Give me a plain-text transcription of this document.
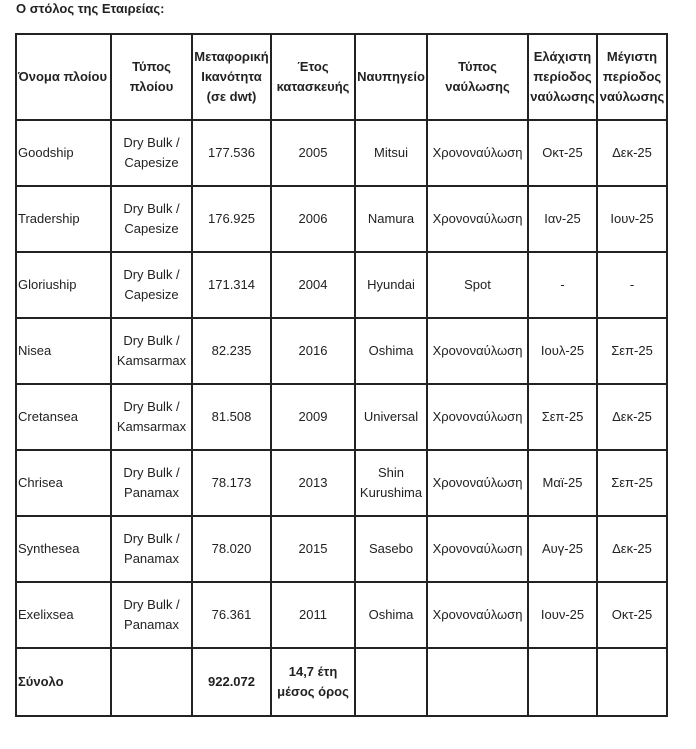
Ο στόλος της Εταιρείας:
Όνομα πλοίου	Τύπος πλοίου	Μεταφορική Ικανότητα (σε dwt)	Έτος κατασκευής	Ναυπηγείο	Τύπος ναύλωσης	Ελάχιστη περίοδος ναύλωσης	Μέγιστη περίοδος ναύλωσης
Goodship	Dry Bulk / Capesize	177.536	2005	Mitsui	Χρονοναύλωση	Οκτ-25	Δεκ-25
Tradership	Dry Bulk / Capesize	176.925	2006	Namura	Χρονοναύλωση	Ιαν-25	Ιουν-25
Gloriuship	Dry Bulk / Capesize	171.314	2004	Hyundai	Spot	-	-
Nisea	Dry Bulk / Kamsarmax	82.235	2016	Oshima	Χρονοναύλωση	Ιουλ-25	Σεπ-25
Cretansea	Dry Bulk / Kamsarmax	81.508	2009	Universal	Χρονοναύλωση	Σεπ-25	Δεκ-25
Chrisea	Dry Bulk / Panamax	78.173	2013	Shin Kurushima	Χρονοναύλωση	Μαϊ-25	Σεπ-25
Synthesea	Dry Bulk / Panamax	78.020	2015	Sasebo	Χρονοναύλωση	Αυγ-25	Δεκ-25
Exelixsea	Dry Bulk / Panamax	76.361	2011	Oshima	Χρονοναύλωση	Ιουν-25	Οκτ-25
Σύνολο		922.072	14,7 έτη μέσος όρος				
